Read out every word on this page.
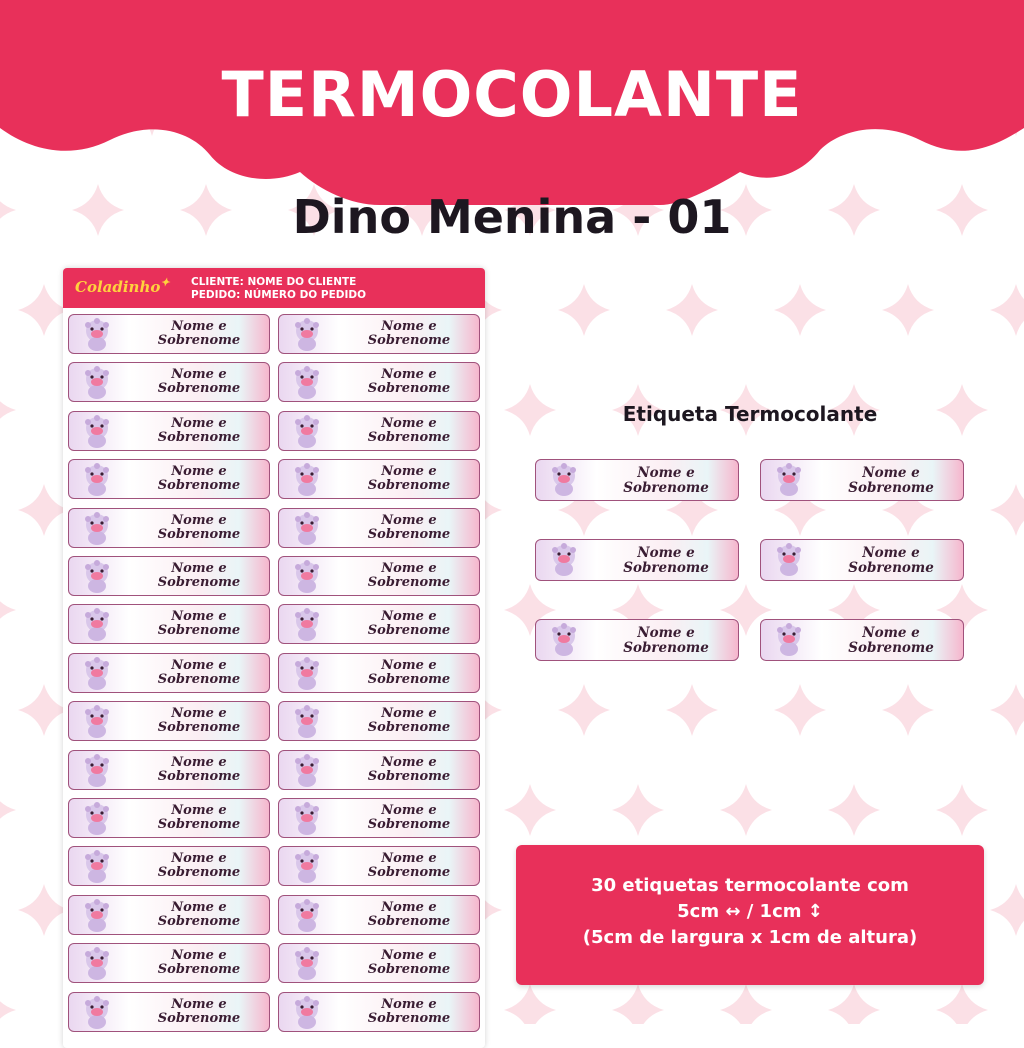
TERMOCOLANTE
Dino Menina - 01
Coladinho✦ CLIENTE: NOME DO CLIENTE
PEDIDO: NÚMERO DO PEDIDO
Nome e
Sobrenome
Nome e
Sobrenome
Nome e
Sobrenome
Nome e
Sobrenome
Nome e
Sobrenome
Nome e
Sobrenome
Nome e
Sobrenome
Nome e
Sobrenome
Nome e
Sobrenome
Nome e
Sobrenome
Nome e
Sobrenome
Nome e
Sobrenome
Nome e
Sobrenome
Nome e
Sobrenome
Nome e
Sobrenome
Nome e
Sobrenome
Nome e
Sobrenome
Nome e
Sobrenome
Nome e
Sobrenome
Nome e
Sobrenome
Nome e
Sobrenome
Nome e
Sobrenome
Nome e
Sobrenome
Nome e
Sobrenome
Nome e
Sobrenome
Nome e
Sobrenome
Nome e
Sobrenome
Nome e
Sobrenome
Nome e
Sobrenome
Nome e
Sobrenome
Etiqueta Termocolante
Nome e
Sobrenome
Nome e
Sobrenome
Nome e
Sobrenome
Nome e
Sobrenome
Nome e
Sobrenome
Nome e
Sobrenome
30 etiquetas termocolante com
5cm ↔ / 1cm ↕
(5cm de largura x 1cm de altura)
